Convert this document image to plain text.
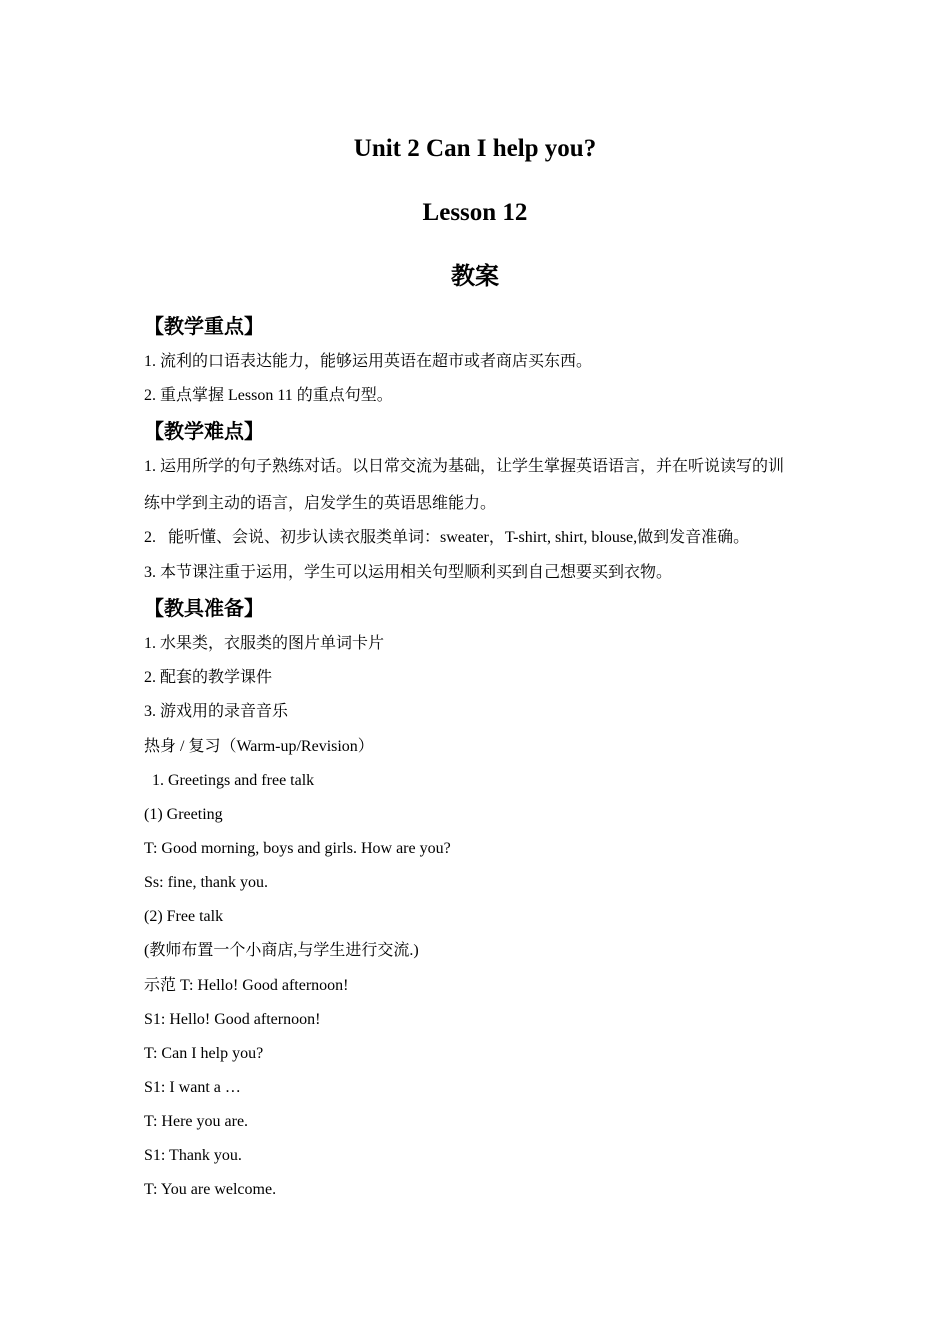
Unit 2 Can I help you?
Lesson 12
教案
【教学重点】
1. 流利的口语表达能力，能够运用英语在超市或者商店买东西。
2. 重点掌握 Lesson 11 的重点句型。
【教学难点】
1. 运用所学的句子熟练对话。以日常交流为基础，让学生掌握英语语言，并在听说读写的训
练中学到主动的语言，启发学生的英语思维能力。
2.   能听懂、会说、初步认读衣服类单词：sweater，T-shirt, shirt, blouse,做到发音准确。
3. 本节课注重于运用，学生可以运用相关句型顺利买到自己想要买到衣物。
【教具准备】
1. 水果类，衣服类的图片单词卡片
2. 配套的教学课件
3. 游戏用的录音音乐
热身 / 复习（Warm-up/Revision）
1. Greetings and free talk
(1) Greeting
T: Good morning, boys and girls. How are you?
Ss: fine, thank you.
(2) Free talk
(教师布置一个小商店,与学生进行交流.)
示范 T: Hello! Good afternoon!
S1: Hello! Good afternoon!
T: Can I help you?
S1: I want a …
T: Here you are.
S1: Thank you.
T: You are welcome.
